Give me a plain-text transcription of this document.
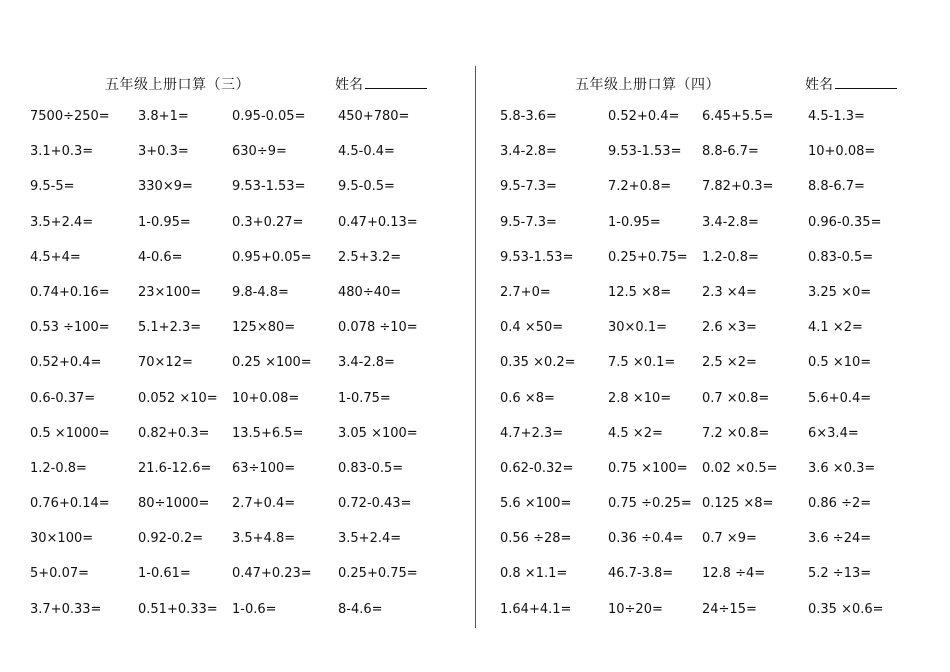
五年级上册口算（三）	姓名
7500÷250= 3.8+1=	0.95-0.05=	450+780=
3.1+0.3=	3+0.3=	630÷9=	4.5-0.4=
9.5-5=	330×9=	9.53-1.53=	9.5-0.5=
3.5+2.4=	1-0.95=	0.3+0.27=	0.47+0.13=
4.5+4=	4-0.6=	0.95+0.05= 2.5+3.2=
0.74+0.16= 23×100= 9.8-4.8=	480÷40=
0.53 ÷100= 5.1+2.3= 125×80=	0.078 ÷10=
0.52+0.4=	70×12=	0.25 ×100= 3.4-2.8=
0.6-0.37=	0.052 ×10= 10+0.08=	1-0.75=
0.5 ×1000= 0.82+0.3= 13.5+6.5=	3.05 ×100=
1.2-0.8=	21.6-12.6= 63÷100=	0.83-0.5=
0.76+0.14= 80÷1000= 2.7+0.4=	0.72-0.43=
30×100=	0.92-0.2= 3.5+4.8=	3.5+2.4=
5+0.07=	1-0.61=	0.47+0.23= 0.25+0.75=
3.7+0.33=	0.51+0.33= 1-0.6=	8-4.6=
五年级上册口算（四）	姓名
5.8-3.6=	0.52+0.4= 6.45+5.5=	4.5-1.3=
3.4-2.8=	9.53-1.53= 8.8-6.7=	10+0.08=
9.5-7.3=	7.2+0.8= 7.82+0.3=	8.8-6.7=
9.5-7.3=	1-0.95=	3.4-2.8=	0.96-0.35=
9.53-1.53=	0.25+0.75= 1.2-0.8=	0.83-0.5=
2.7+0=	12.5 ×8= 2.3 ×4=	3.25 ×0=
0.4 ×50=	30×0.1=	2.6 ×3=	4.1 ×2=
0.35 ×0.2= 7.5 ×0.1= 2.5 ×2=	0.5 ×10=
0.6 ×8=	2.8 ×10= 0.7 ×0.8=	5.6+0.4=
4.7+2.3=	4.5 ×2=	7.2 ×0.8=	6×3.4=
0.62-0.32=	0.75 ×100= 0.02 ×0.5= 3.6 ×0.3=
5.6 ×100=	0.75 ÷0.25= 0.125 ×8=	0.86 ÷2=
0.56 ÷28=	0.36 ÷0.4= 0.7 ×9=	3.6 ÷24=
0.8 ×1.1=	46.7-3.8= 12.8 ÷4=	5.2 ÷13=
1.64+4.1=	10÷20=	24÷15=	0.35 ×0.6=
